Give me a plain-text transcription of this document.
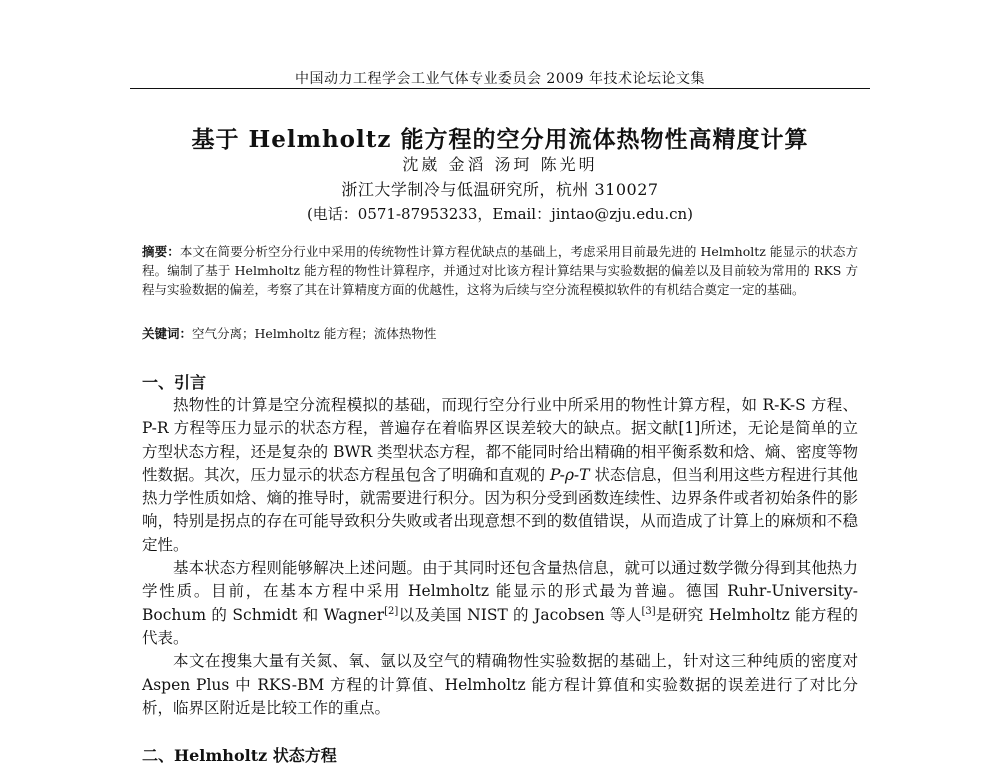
中国动力工程学会工业气体专业委员会 2009 年技术论坛论文集
基于 Helmholtz 能方程的空分用流体热物性高精度计算
沈崴 金滔 汤珂 陈光明
浙江大学制冷与低温研究所，杭州 310027
(电话：0571-87953233，Email：jintao@zju.edu.cn)
摘要：本文在简要分析空分行业中采用的传统物性计算方程优缺点的基础上，考虑采用目前最先进的 Helmholtz 能显示的状态方程。编制了基于 Helmholtz 能方程的物性计算程序，并通过对比该方程计算结果与实验数据的偏差以及目前较为常用的 RKS 方程与实验数据的偏差，考察了其在计算精度方面的优越性，这将为后续与空分流程模拟软件的有机结合奠定一定的基础。
关键词：空气分离；Helmholtz 能方程；流体热物性
一、引言

热物性的计算是空分流程模拟的基础，而现行空分行业中所采用的物性计算方程，如 R-K-S 方程、P-R 方程等压力显示的状态方程，普遍存在着临界区误差较大的缺点。据文献[1]所述，无论是简单的立方型状态方程，还是复杂的 BWR 类型状态方程，都不能同时给出精确的相平衡系数和焓、熵、密度等物性数据。其次，压力显示的状态方程虽包含了明确和直观的 P-ρ-T 状态信息，但当利用这些方程进行其他热力学性质如焓、熵的推导时，就需要进行积分。因为积分受到函数连续性、边界条件或者初始条件的影响，特别是拐点的存在可能导致积分失败或者出现意想不到的数值错误，从而造成了计算上的麻烦和不稳定性。

基本状态方程则能够解决上述问题。由于其同时还包含量热信息，就可以通过数学微分得到其他热力学性质。目前，在基本方程中采用 Helmholtz 能显示的形式最为普遍。德国 Ruhr-University- Bochum 的 Schmidt 和 Wagner[2]以及美国 NIST 的 Jacobsen 等人[3]是研究 Helmholtz 能方程的代表。

本文在搜集大量有关氮、氧、氩以及空气的精确物性实验数据的基础上，针对这三种纯质的密度对 Aspen Plus 中 RKS-BM 方程的计算值、Helmholtz 能方程计算值和实验数据的误差进行了对比分析，临界区附近是比较工作的重点。

二、Helmholtz 状态方程
